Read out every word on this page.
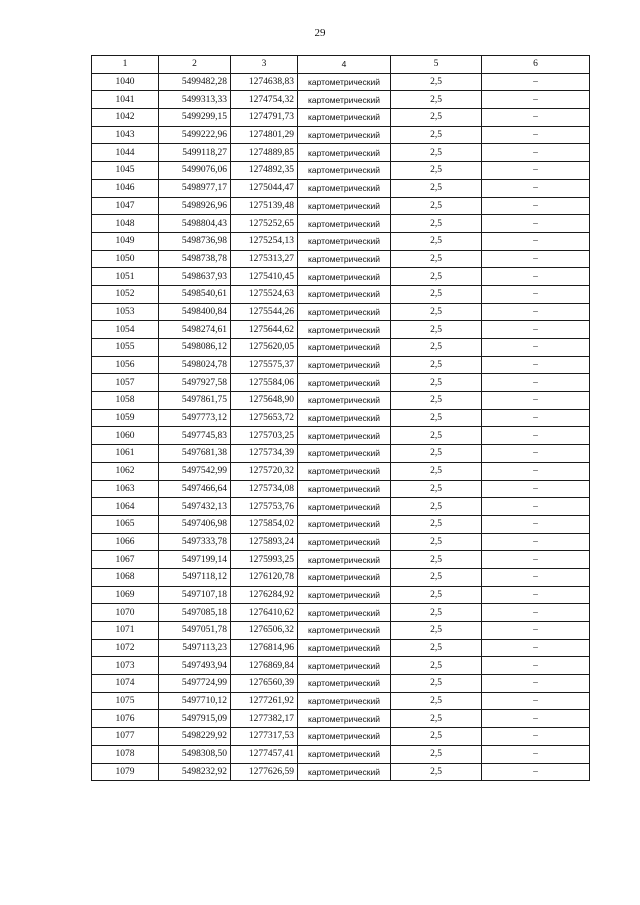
29
1	2	3	4	5	6
1040	5499482,28	1274638,83	картометрический	2,5	–
1041	5499313,33	1274754,32	картометрический	2,5	–
1042	5499299,15	1274791,73	картометрический	2,5	–
1043	5499222,96	1274801,29	картометрический	2,5	–
1044	5499118,27	1274889,85	картометрический	2,5	–
1045	5499076,06	1274892,35	картометрический	2,5	–
1046	5498977,17	1275044,47	картометрический	2,5	–
1047	5498926,96	1275139,48	картометрический	2,5	–
1048	5498804,43	1275252,65	картометрический	2,5	–
1049	5498736,98	1275254,13	картометрический	2,5	–
1050	5498738,78	1275313,27	картометрический	2,5	–
1051	5498637,93	1275410,45	картометрический	2,5	–
1052	5498540,61	1275524,63	картометрический	2,5	–
1053	5498400,84	1275544,26	картометрический	2,5	–
1054	5498274,61	1275644,62	картометрический	2,5	–
1055	5498086,12	1275620,05	картометрический	2,5	–
1056	5498024,78	1275575,37	картометрический	2,5	–
1057	5497927,58	1275584,06	картометрический	2,5	–
1058	5497861,75	1275648,90	картометрический	2,5	–
1059	5497773,12	1275653,72	картометрический	2,5	–
1060	5497745,83	1275703,25	картометрический	2,5	–
1061	5497681,38	1275734,39	картометрический	2,5	–
1062	5497542,99	1275720,32	картометрический	2,5	–
1063	5497466,64	1275734,08	картометрический	2,5	–
1064	5497432,13	1275753,76	картометрический	2,5	–
1065	5497406,98	1275854,02	картометрический	2,5	–
1066	5497333,78	1275893,24	картометрический	2,5	–
1067	5497199,14	1275993,25	картометрический	2,5	–
1068	5497118,12	1276120,78	картометрический	2,5	–
1069	5497107,18	1276284,92	картометрический	2,5	–
1070	5497085,18	1276410,62	картометрический	2,5	–
1071	5497051,78	1276506,32	картометрический	2,5	–
1072	5497113,23	1276814,96	картометрический	2,5	–
1073	5497493,94	1276869,84	картометрический	2,5	–
1074	5497724,99	1276560,39	картометрический	2,5	–
1075	5497710,12	1277261,92	картометрический	2,5	–
1076	5497915,09	1277382,17	картометрический	2,5	–
1077	5498229,92	1277317,53	картометрический	2,5	–
1078	5498308,50	1277457,41	картометрический	2,5	–
1079	5498232,92	1277626,59	картометрический	2,5	–
